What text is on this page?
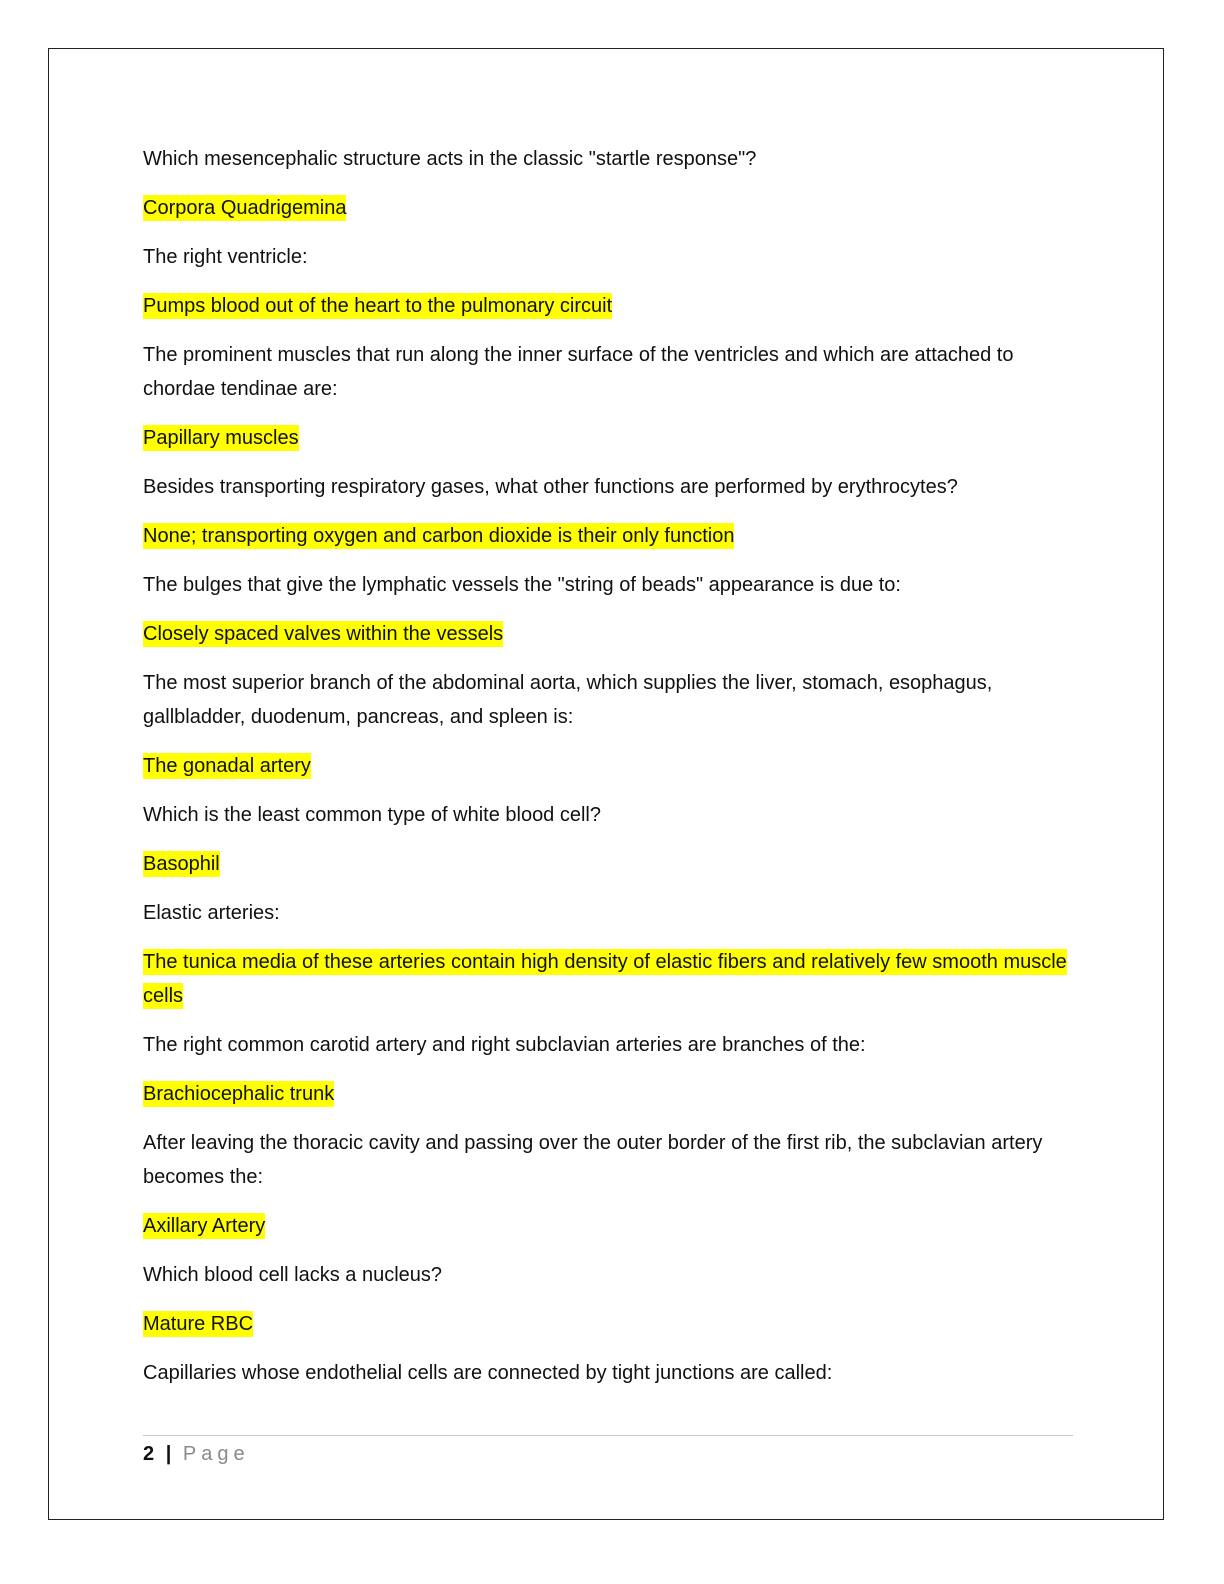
Which mesencephalic structure acts in the classic "startle response"?

Corpora Quadrigemina

The right ventricle:

Pumps blood out of the heart to the pulmonary circuit

The prominent muscles that run along the inner surface of the ventricles and which are attached to chordae tendinae are:

Papillary muscles

Besides transporting respiratory gases, what other functions are performed by erythrocytes?

None; transporting oxygen and carbon dioxide is their only function

The bulges that give the lymphatic vessels the "string of beads" appearance is due to:

Closely spaced valves within the vessels

The most superior branch of the abdominal aorta, which supplies the liver, stomach, esophagus, gallbladder, duodenum, pancreas, and spleen is:

The gonadal artery

Which is the least common type of white blood cell?

Basophil

Elastic arteries:

The tunica media of these arteries contain high density of elastic fibers and relatively few smooth muscle cells

The right common carotid artery and right subclavian arteries are branches of the:

Brachiocephalic trunk

After leaving the thoracic cavity and passing over the outer border of the first rib, the subclavian artery becomes the:

Axillary Artery

Which blood cell lacks a nucleus?

Mature RBC

Capillaries whose endothelial cells are connected by tight junctions are called:

2 | Page
